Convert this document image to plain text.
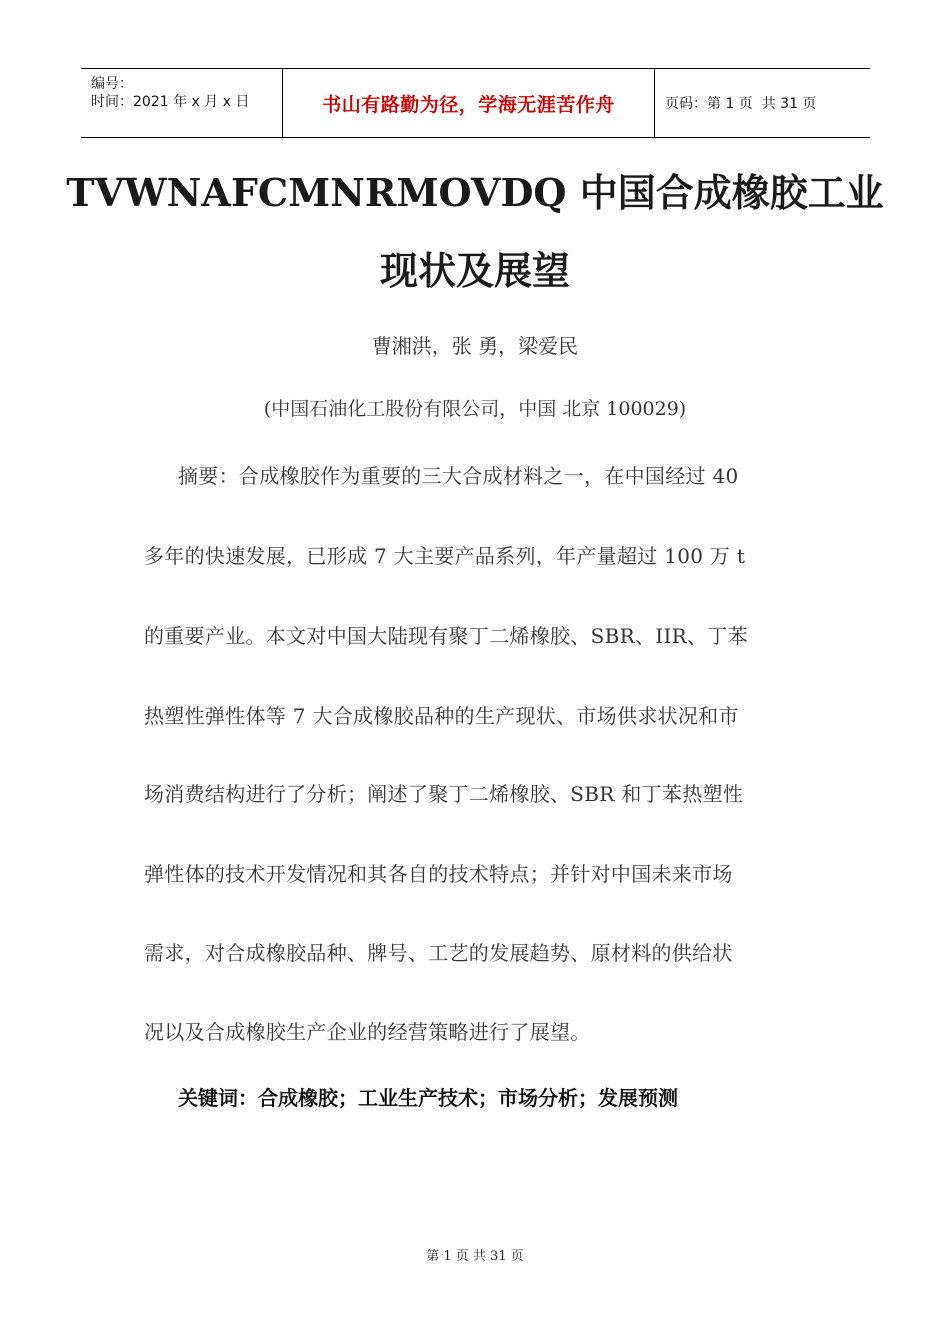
编号：
时间：2021 年 x 月 x 日	书山有路勤为径，学海无涯苦作舟	页码：第 1 页  共 31 页
TVWNAFCMNRMOVDQ 中国合成橡胶工业
现状及展望
曹湘洪，张 勇，梁爱民
(中国石油化工股份有限公司，中国 北京 100029)
摘要：合成橡胶作为重要的三大合成材料之一，在中国经过 40
多年的快速发展，已形成 7 大主要产品系列，年产量超过 100 万 t
的重要产业。本文对中国大陆现有聚丁二烯橡胶、SBR、IIR、丁苯
热塑性弹性体等 7 大合成橡胶品种的生产现状、市场供求状况和市
场消费结构进行了分析；阐述了聚丁二烯橡胶、SBR 和丁苯热塑性
弹性体的技术开发情况和其各自的技术特点；并针对中国未来市场
需求，对合成橡胶品种、牌号、工艺的发展趋势、原材料的供给状
况以及合成橡胶生产企业的经营策略进行了展望。
关键词：合成橡胶；工业生产技术；市场分析；发展预测
第 1 页 共 31 页
